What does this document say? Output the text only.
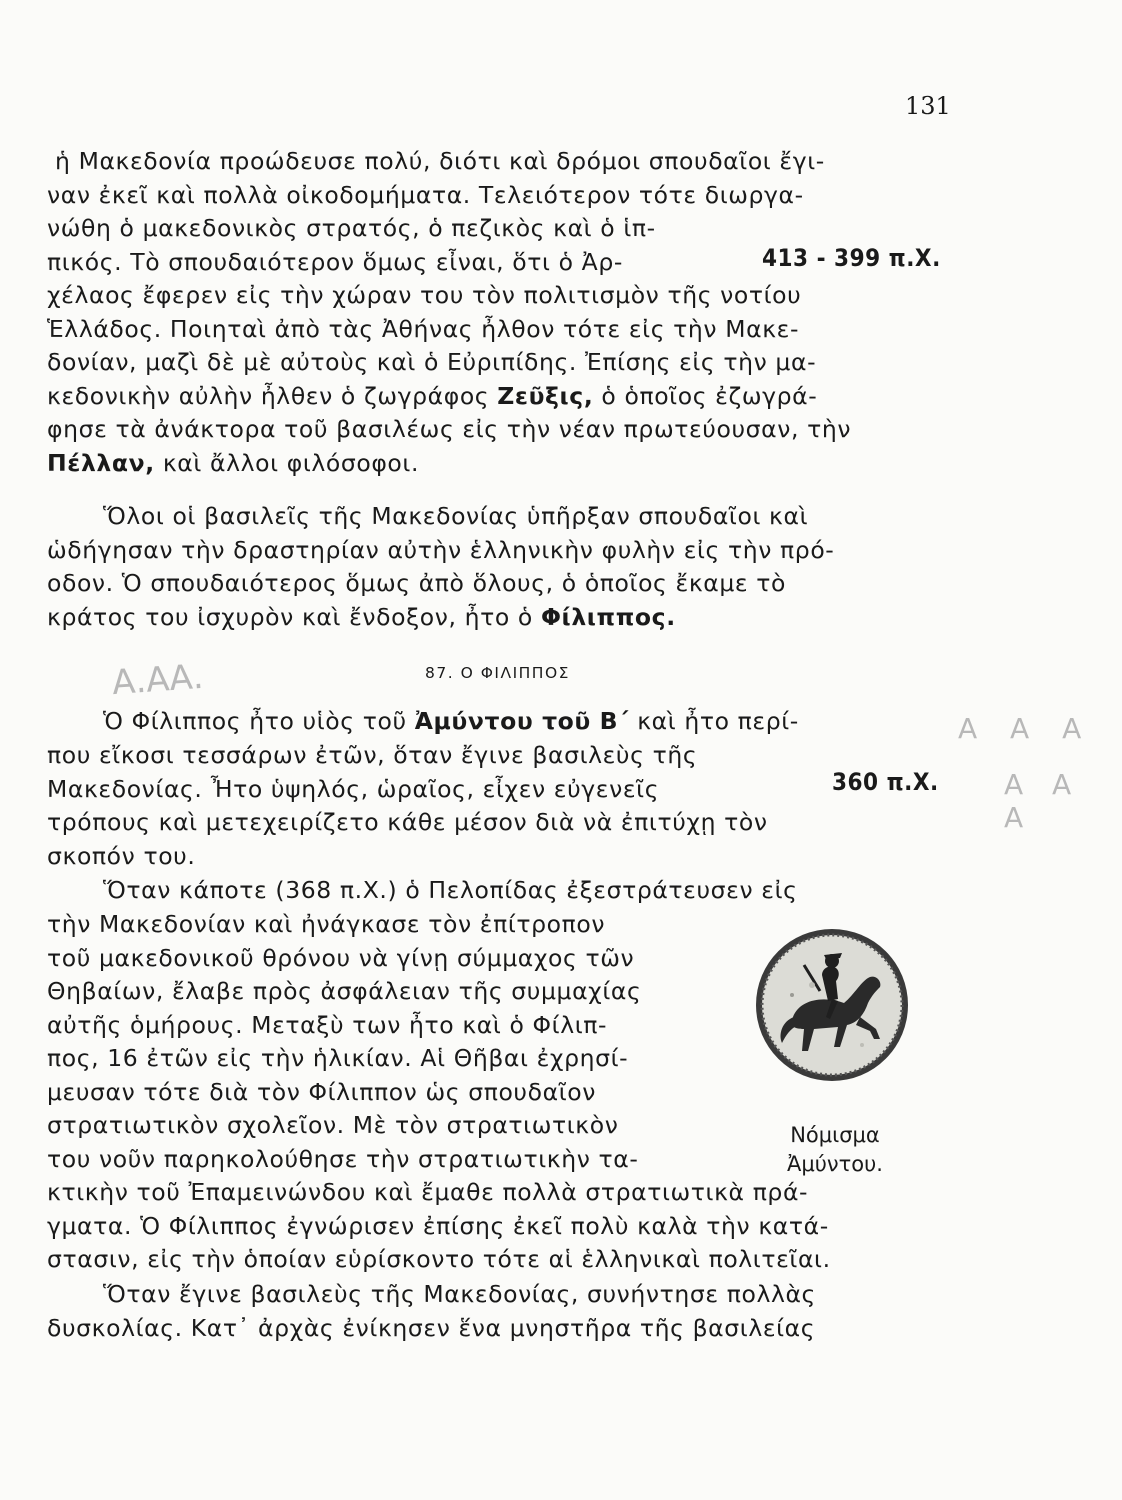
131

ἡ Μακεδονία προώδευσε πολύ, διότι καὶ δρόμοι σπουδαῖοι ἔγι-

ναν ἐκεῖ καὶ πολλὰ οἰκοδομήματα. Τελειότερον τότε διωργα-

νώθη ὁ μακεδονικὸς στρατός, ὁ πεζικὸς καὶ ὁ ἱπ-

πικός. Τὸ σπουδαιότερον ὅμως εἶναι, ὅτι ὁ Ἀρ-	413 - 399 π.Χ.

χέλαος ἔφερεν εἰς τὴν χώραν του τὸν πολιτισμὸν τῆς νοτίου

Ἑλλάδος. Ποιηταὶ ἀπὸ τὰς Ἀθήνας ἦλθον τότε εἰς τὴν Μακε-

δονίαν, μαζὶ δὲ μὲ αὐτοὺς καὶ ὁ Εὐριπίδης. Ἐπίσης εἰς τὴν μα-

κεδονικὴν αὐλὴν ἦλθεν ὁ ζωγράφος Ζεῦξις, ὁ ὁποῖος ἐζωγρά-

φησε τὰ ἀνάκτορα τοῦ βασιλέως εἰς τὴν νέαν πρωτεύουσαν, τὴν

Πέλλαν, καὶ ἄλλοι φιλόσοφοι.

Ὅλοι οἱ βασιλεῖς τῆς Μακεδονίας ὑπῆρξαν σπουδαῖοι καὶ

ὡδήγησαν τὴν δραστηρίαν αὐτὴν ἑλληνικὴν φυλὴν εἰς τὴν πρό-

οδον. Ὁ σπουδαιότερος ὅμως ἀπὸ ὅλους, ὁ ὁποῖος ἔκαμε τὸ

κράτος του ἰσχυρὸν καὶ ἔνδοξον, ἦτο ὁ Φίλιππος.

Α.ΑΑ.
Α Α Α
Α Α Α
87. Ο ΦΙΛΙΠΠΟΣ

Ὁ Φίλιππος ἦτο υἱὸς τοῦ Ἀμύντου τοῦ Β΄ καὶ ἦτο περί-

που εἴκοσι τεσσάρων ἐτῶν, ὅταν ἔγινε βασιλεὺς τῆς

Μακεδονίας. Ἦτο ὑψηλός, ὡραῖος, εἶχεν εὐγενεῖς	360 π.Χ.

τρόπους καὶ μετεχειρίζετο κάθε μέσον διὰ νὰ ἐπιτύχῃ τὸν

σκοπόν του.

Ὅταν κάποτε (368 π.Χ.) ὁ Πελοπίδας ἐξεστράτευσεν εἰς

τὴν Μακεδονίαν καὶ ἠνάγκασε τὸν ἐπίτροπον

τοῦ μακεδονικοῦ θρόνου νὰ γίνῃ σύμμαχος τῶν

Θηβαίων, ἔλαβε πρὸς ἀσφάλειαν τῆς συμμαχίας

αὐτῆς ὁμήρους. Μεταξὺ των ἦτο καὶ ὁ Φίλιπ-

πος, 16 ἐτῶν εἰς τὴν ἡλικίαν. Αἱ Θῆβαι ἐχρησί-

μευσαν τότε διὰ τὸν Φίλιππον ὡς σπουδαῖον

στρατιωτικὸν σχολεῖον. Μὲ τὸν στρατιωτικὸν

του νοῦν παρηκολούθησε τὴν στρατιωτικὴν τα-

κτικὴν τοῦ Ἐπαμεινώνδου καὶ ἔμαθε πολλὰ στρατιωτικὰ πρά-

γματα. Ὁ Φίλιππος ἐγνώρισεν ἐπίσης ἐκεῖ πολὺ καλὰ τὴν κατά-

στασιν, εἰς τὴν ὁποίαν εὑρίσκοντο τότε αἱ ἑλληνικαὶ πολιτεῖαι.

Ὅταν ἔγινε βασιλεὺς τῆς Μακεδονίας, συνήντησε πολλὰς

δυσκολίας. Κατ᾽ ἀρχὰς ἐνίκησεν ἕνα μνηστῆρα τῆς βασιλείας

Νόμισμα
Ἀμύντου.
